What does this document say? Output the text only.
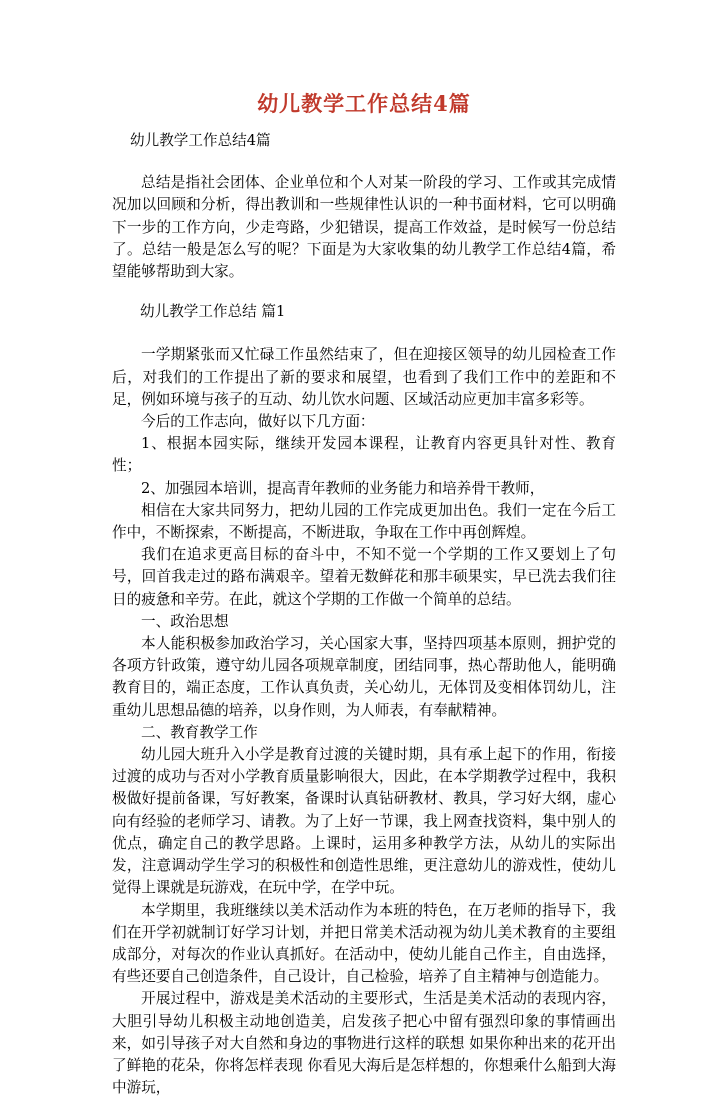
幼儿教学工作总结4篇

幼儿教学工作总结4篇

总结是指社会团体、企业单位和个人对某一阶段的学习、工作或其完成情况加以回顾和分析，得出教训和一些规律性认识的一种书面材料，它可以明确下一步的工作方向，少走弯路，少犯错误，提高工作效益，是时候写一份总结了。总结一般是怎么写的呢？下面是为大家收集的幼儿教学工作总结4篇，希望能够帮助到大家。

幼儿教学工作总结 篇1

一学期紧张而又忙碌工作虽然结束了，但在迎接区领导的幼儿园检查工作后，对我们的工作提出了新的要求和展望，也看到了我们工作中的差距和不足，例如环境与孩子的互动、幼儿饮水问题、区域活动应更加丰富多彩等。

今后的工作志向，做好以下几方面：

1、根据本园实际，继续开发园本课程，让教育内容更具针对性、教育性；

2、加强园本培训，提高青年教师的业务能力和培养骨干教师，

相信在大家共同努力，把幼儿园的工作完成更加出色。我们一定在今后工作中，不断探索，不断提高，不断进取，争取在工作中再创辉煌。

我们在追求更高目标的奋斗中，不知不觉一个学期的工作又要划上了句号，回首我走过的路布满艰辛。望着无数鲜花和那丰硕果实，早已洗去我们往日的疲惫和辛劳。在此，就这个学期的工作做一个简单的总结。

一、政治思想

本人能积极参加政治学习，关心国家大事，坚持四项基本原则，拥护党的各项方针政策，遵守幼儿园各项规章制度，团结同事，热心帮助他人，能明确教育目的，端正态度，工作认真负责，关心幼儿，无体罚及变相体罚幼儿，注重幼儿思想品德的培养，以身作则，为人师表，有奉献精神。

二、教育教学工作

幼儿园大班升入小学是教育过渡的关键时期，具有承上起下的作用，衔接过渡的成功与否对小学教育质量影响很大，因此，在本学期教学过程中，我积极做好提前备课，写好教案，备课时认真钻研教材、教具，学习好大纲，虚心向有经验的老师学习、请教。为了上好一节课，我上网查找资料，集中别人的优点，确定自己的教学思路。上课时，运用多种教学方法，从幼儿的实际出发，注意调动学生学习的积极性和创造性思维，更注意幼儿的游戏性，使幼儿觉得上课就是玩游戏，在玩中学，在学中玩。

本学期里，我班继续以美术活动作为本班的特色，在万老师的指导下，我们在开学初就制订好学习计划，并把日常美术活动视为幼儿美术教育的主要组成部分，对每次的作业认真抓好。在活动中，使幼儿能自己作主，自由选择，有些还要自己创造条件，自己设计，自己检验，培养了自主精神与创造能力。

开展过程中，游戏是美术活动的主要形式，生活是美术活动的表现内容，大胆引导幼儿积极主动地创造美，启发孩子把心中留有强烈印象的事情画出来，如引导孩子对大自然和身边的事物进行这样的联想 如果你种出来的花开出了鲜艳的花朵，你将怎样表现 你看见大海后是怎样想的，你想乘什么船到大海中游玩，
